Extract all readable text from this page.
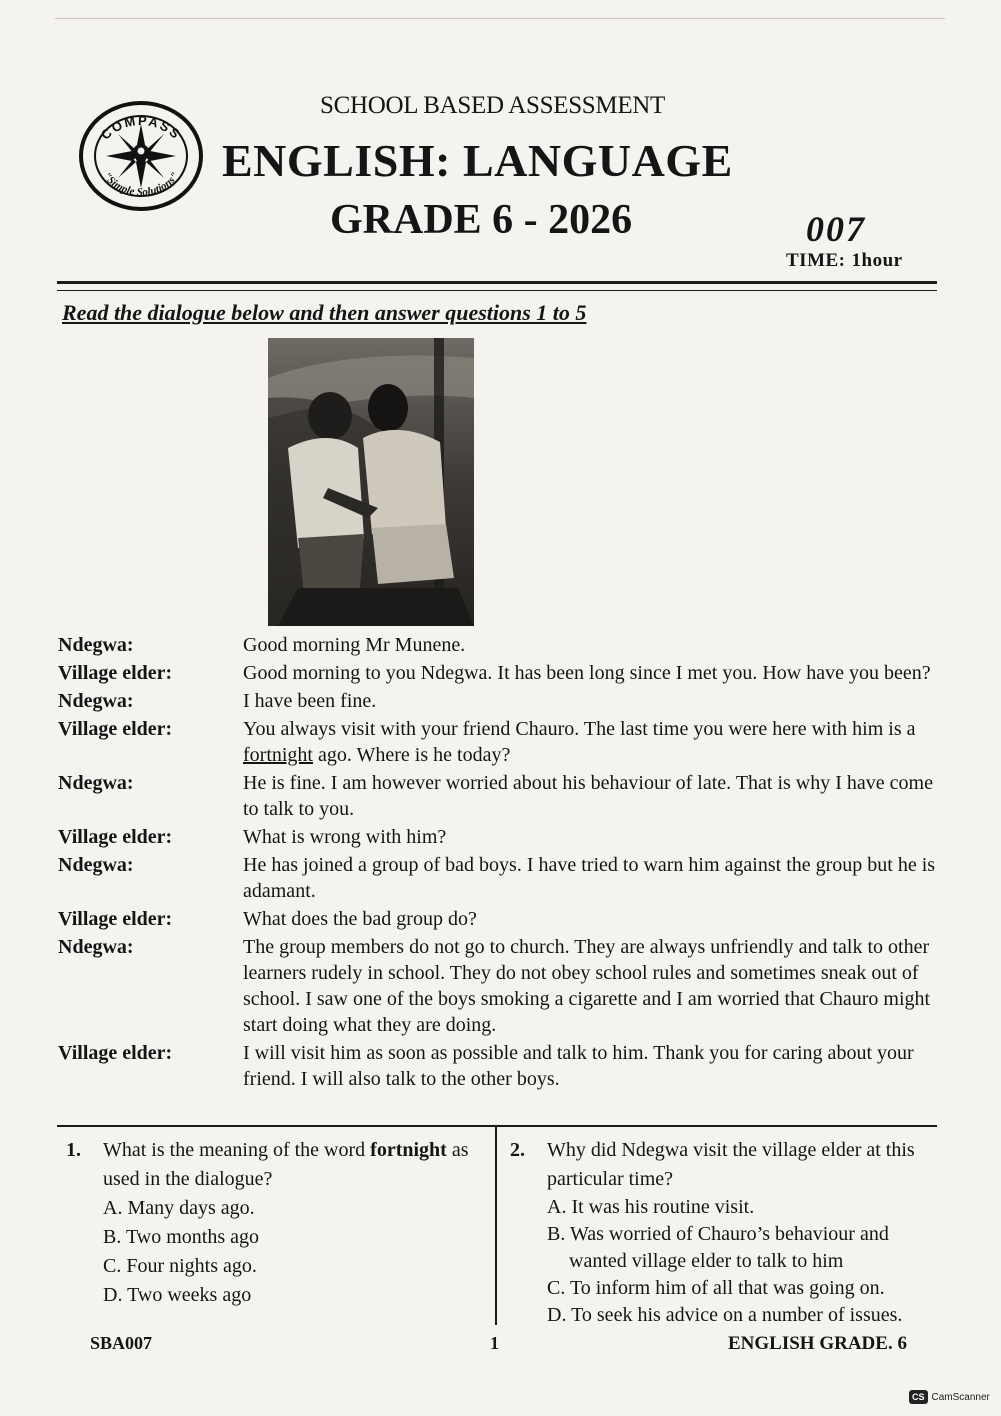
COMPASS
"Simple Solutions"
SCHOOL BASED ASSESSMENT
ENGLISH: LANGUAGE
GRADE 6 - 2026	007
TIME: 1hour
Read the dialogue below and then answer questions 1 to 5
Ndegwa:	Good morning Mr Munene.
Village elder:	Good morning to you Ndegwa. It has been long since I met you. How have you been?
Ndegwa:	I have been fine.
Village elder:	You always visit with your friend Chauro. The last time you were here with him is a fortnight ago. Where is he today?
Ndegwa:	He is fine. I am however worried about his behaviour of late. That is why I have come to talk to you.
Village elder:	What is wrong with him?
Ndegwa:	He has joined a group of bad boys. I have tried to warn him against the group but he is adamant.
Village elder:	What does the bad group do?
Ndegwa:	The group members do not go to church. They are always unfriendly and talk to other learners rudely in school. They do not obey school rules and sometimes sneak out of school. I saw one of the boys smoking a cigarette and I am worried that Chauro might start doing what they are doing.
Village elder:	I will visit him as soon as possible and talk to him. Thank you for caring about your friend. I will also talk to the other boys.
1.	What is the meaning of the word fortnight as used in the dialogue?
A. Many days ago.
B. Two months ago
C. Four nights ago.
D. Two weeks ago
2.	Why did Ndegwa visit the village elder at this particular time?
A. It was his routine visit.
B. Was worried of Chauro’s behaviour and wanted village elder to talk to him
C. To inform him of all that was going on.
D. To seek his advice on a number of issues.
SBA007	1	ENGLISH GRADE. 6
CS CamScanner
